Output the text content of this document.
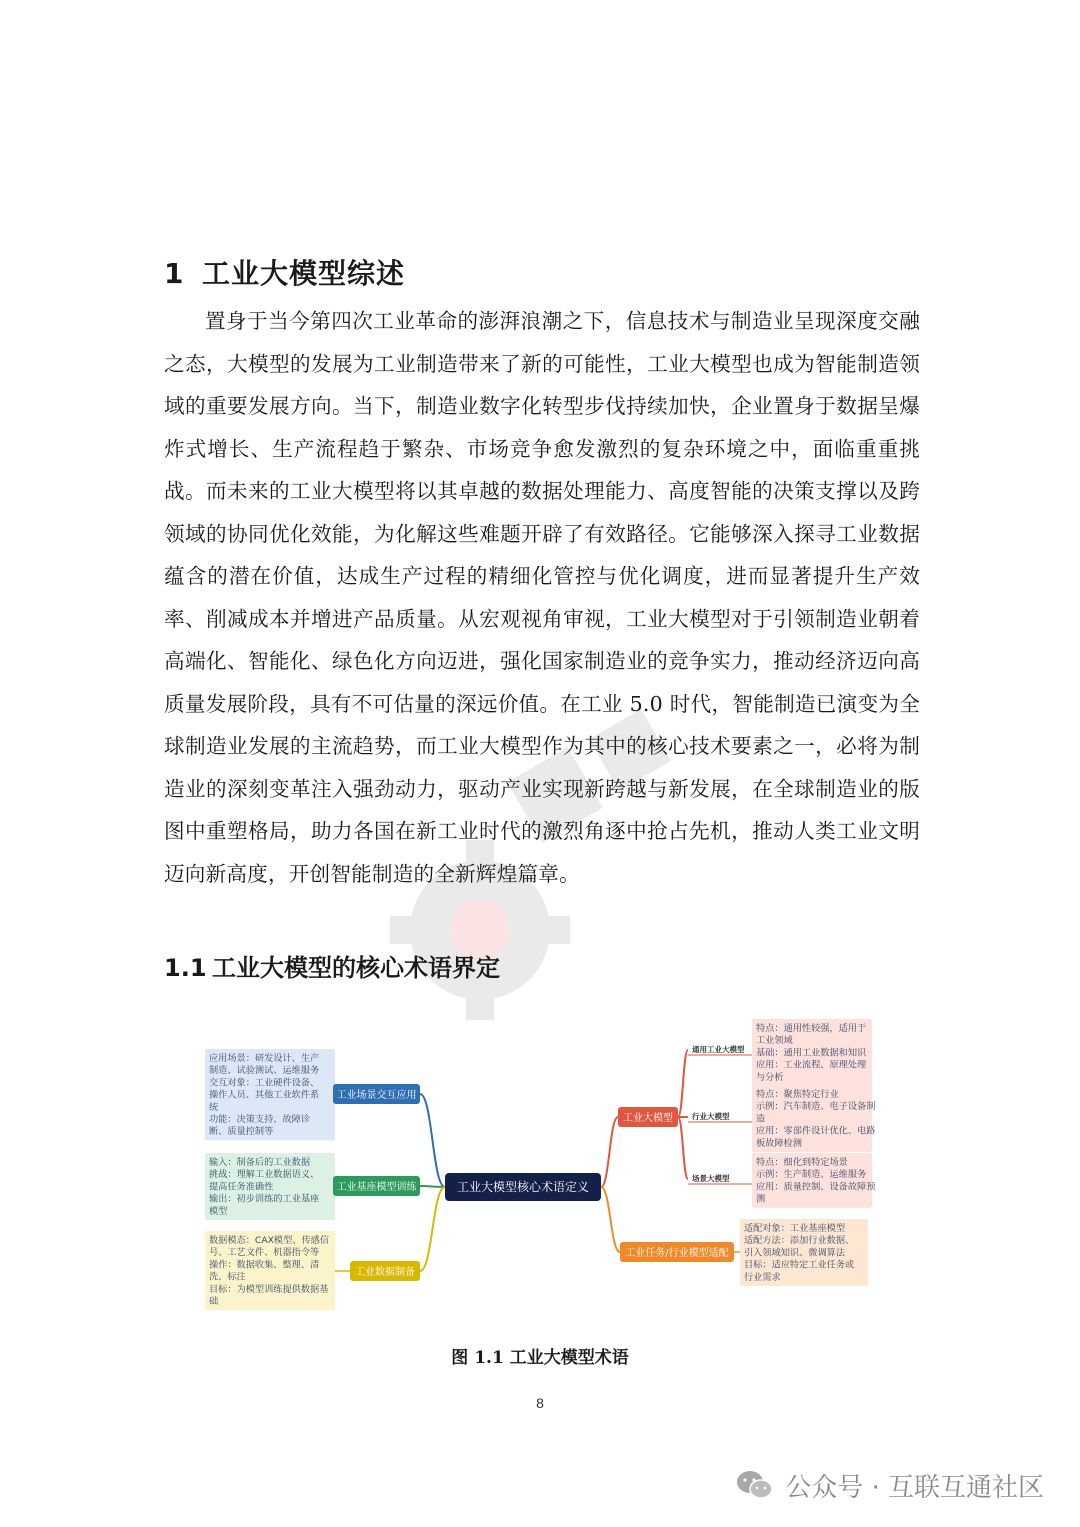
1 工业大模型综述

置身于当今第四次工业革命的澎湃浪潮之下，信息技术与制造业呈现深度交融之态，大模型的发展为工业制造带来了新的可能性，工业大模型也成为智能制造领域的重要发展方向。当下，制造业数字化转型步伐持续加快，企业置身于数据呈爆炸式增长、生产流程趋于繁杂、市场竞争愈发激烈的复杂环境之中，面临重重挑战。而未来的工业大模型将以其卓越的数据处理能力、高度智能的决策支撑以及跨领域的协同优化效能，为化解这些难题开辟了有效路径。它能够深入探寻工业数据蕴含的潜在价值，达成生产过程的精细化管控与优化调度，进而显著提升生产效率、削减成本并增进产品质量。从宏观视角审视，工业大模型对于引领制造业朝着高端化、智能化、绿色化方向迈进，强化国家制造业的竞争实力，推动经济迈向高质量发展阶段，具有不可估量的深远价值。在工业 5.0 时代，智能制造已演变为全球制造业发展的主流趋势，而工业大模型作为其中的核心技术要素之一，必将为制造业的深刻变革注入强劲动力，驱动产业实现新跨越与新发展，在全球制造业的版图中重塑格局，助力各国在新工业时代的激烈角逐中抢占先机，推动人类工业文明迈向新高度，开创智能制造的全新辉煌篇章。

1.1 工业大模型的核心术语界定
应用场景：研发设计、生产
制造、试验测试、运维服务
交互对象：工业硬件设备、
操作人员、其他工业软件系
统
功能：决策支持、故障诊
断、质量控制等
工业场景交互应用
输入：制备后的工业数据
挑战：理解工业数据语义、
提高任务准确性
输出：初步训练的工业基座
模型
工业基座模型训练
数据模态：CAX模型、传感信
号、工艺文件、机器指令等
操作：数据收集、整理、清
洗、标注
目标：为模型训练提供数据基
础
工业数据制备
工业大模型
通用工业大模型
特点：通用性较强，适用于
工业领域
基础：通用工业数据和知识
应用：工业流程、原理处理
与分析
行业大模型
特点：聚焦特定行业
示例：汽车制造、电子设备制
造
应用：零部件设计优化、电路
板故障检测
场景大模型
特点：细化到特定场景
示例：生产制造、运维服务
应用：质量控制、设备故障预
测
工业任务/行业模型适配
适配对象：工业基座模型
适配方法：添加行业数据、
引入领域知识、微调算法
目标：适应特定工业任务或
行业需求
工业大模型核心术语定义
图 1.1 工业大模型术语
8
公众号 · 互联互通社区
